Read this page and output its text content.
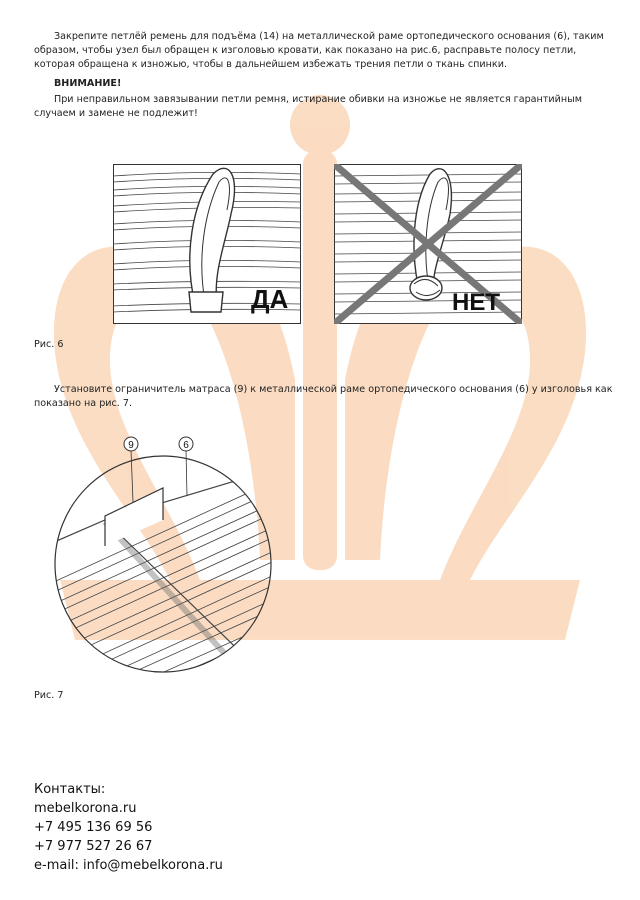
Закрепите петлёй ремень для подъёма (14) на металлической раме ортопедического основания (6), таким образом, чтобы узел был обращен к изголовью кровати, как показано на рис.6, расправьте полосу петли, которая обращена к изножью, чтобы в дальнейшем избежать трения петли о ткань спинки.
ВНИМАНИЕ!
При неправильном завязывании петли ремня, истирание обивки на изножье не является гарантийным случаем и замене не подлежит!
ДА	НЕТ
Рис. 6
Установите ограничитель матраса (9) к металлической раме ортопедического основания (6) у изголовья как показано на рис. 7.
9	6
Рис. 7
Контакты:
mebelkorona.ru
+7 495 136 69 56
+7 977 527 26 67
e-mail: info@mebelkorona.ru
